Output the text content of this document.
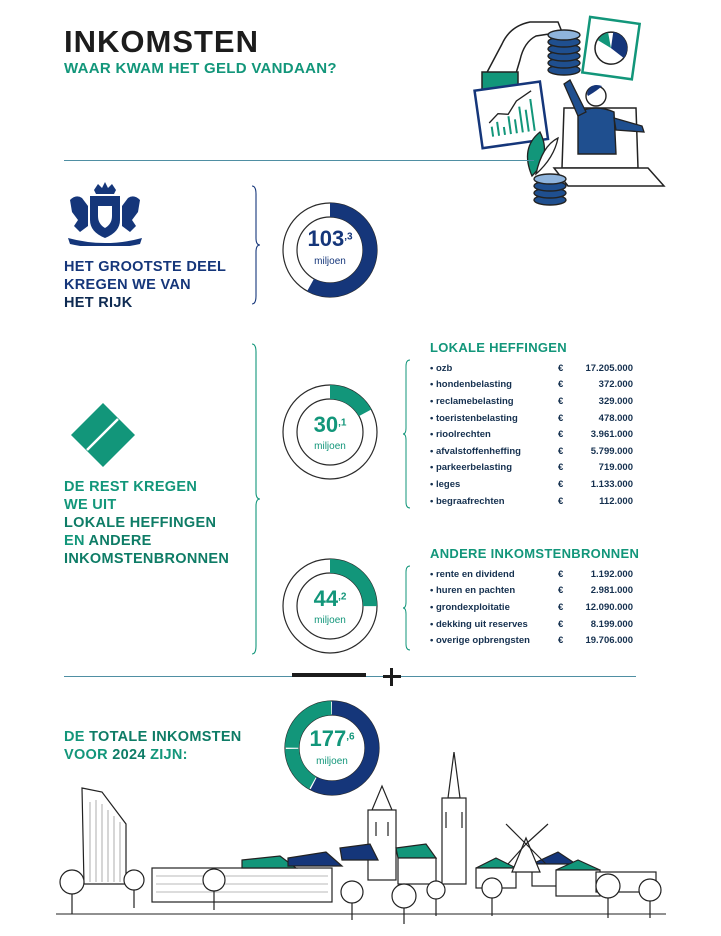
INKOMSTEN
WAAR KWAM HET GELD VANDAAN?
HET GROOTSTE DEEL
KREGEN WE VAN
HET RIJK
$103^{,3}$
miljoen
DE REST KREGEN
WE UIT
LOKALE HEFFINGEN
EN ANDERE
INKOMSTENBRONNEN
$30^{,1}$
miljoen
LOKALE HEFFINGEN
• ozb	€	17.205.000
• hondenbelasting	€	372.000
• reclamebelasting	€	329.000
• toeristenbelasting	€	478.000
• rioolrechten	€	3.961.000
• afvalstoffenheffing	€	5.799.000
• parkeerbelasting	€	719.000
• leges	€	1.133.000
• begraafrechten	€	112.000
$44^{,2}$
miljoen
ANDERE INKOMSTENBRONNEN
• rente en dividend	€	1.192.000
• huren en pachten	€	2.981.000
• grondexploitatie	€	12.090.000
• dekking uit reserves	€	8.199.000
• overige opbrengsten	€	19.706.000
DE TOTALE INKOMSTEN
VOOR 2024 ZIJN:
$177^{,6}$
miljoen
